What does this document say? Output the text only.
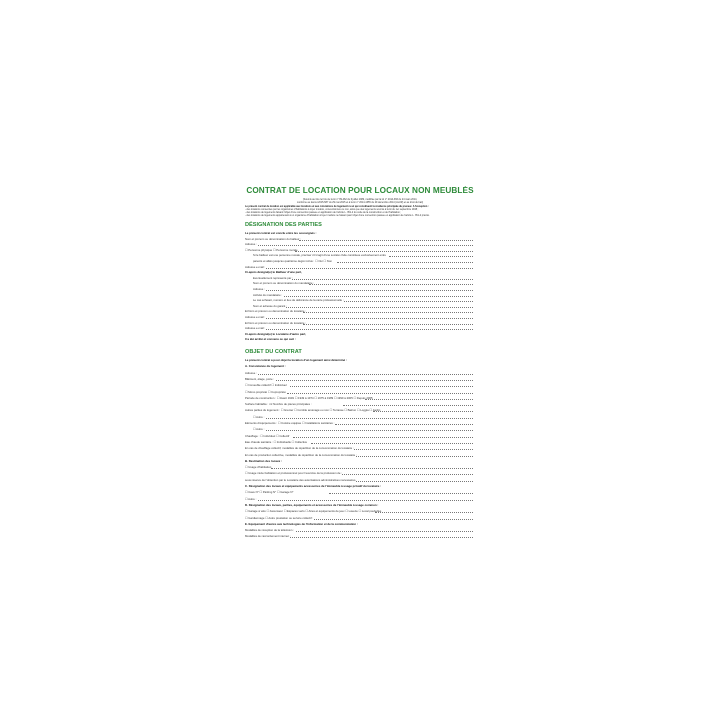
CONTRAT DE LOCATION POUR LOCAUX NON MEUBLÉS
(Soumis au titre Ier bis de la loi n° 89-462 du 6 juillet 1989, modifiée par la loi n° 2014-366 du 24 mars 2014,
conforme au décret 2015-587 du 29 mai 2015 et à la loi n° 2014-1655 du 29 décembre 2014 (ALUR) et au droit du bail)
Le présent contrat de location est applicable aux locations et aux colocations de logement nu et qui constituent la résidence principale du preneur. A l'exception :
- des locations consenties par les organismes d'habitations à loyer modéré, conventionnés ou non, ainsi que des logements soumis à la loi du 1er septembre 1948 ;
- des locations de logements faisant l'objet d'une convention passée en application de l'article L. 351-2 du code de la construction et de l'habitation ;
- des locations de logements appartenant à un organisme d'habitation à loyer modéré ne faisant pas l'objet d'une convention passée en application de l'article L. 351-2 précité.
DÉSIGNATION DES PARTIES
OBJET DU CONTRAT
Le présent contrat est conclu entre les soussignés :
Nom et prénom ou dénomination du bailleur :
Adresse :
☐ Personne physique ☐ Personne morale
Si le bailleur est une personne morale, préciser s'il s'agit d'une société civile constituée exclusivement entre
parents et alliés jusqu'au quatrième degré inclus : ☐ Oui ☐ Non
Adresse e-mail :
Ci-après désigné(e) le Bailleur d'une part,
Eventuellement représenté par :
Nom et prénom ou dénomination du mandataire :
Adresse :
Activité du mandataire :
Le cas échéant, numéro et lieu de délivrance de la carte professionnelle :
Nom et adresse du garant :
Et Nom et prénom ou dénomination du locataire :
Adresse e-mail :
Et Nom et prénom ou dénomination du locataire :
Adresse e-mail :
Ci-après désigné(e) le Locataire d'autre part,
Il a été arrêté et convenu ce qui suit :
Le présent contrat a pour objet la location d'un logement ainsi déterminé :
A. Consistance du logement :
Adresse :
Bâtiment, étage, porte :
☐ Immeuble collectif ☐ Individuel
☐ Mono propriété ☐ Copropriété
Période de construction : ☐ Avant 1949 ☐ 1949 à 1974 ☐ 1975 à 1989 ☐ 1990 à 2005 ☐ Depuis 2005
Surface habitable : m² Nombre de pièces principales :
Autres parties du logement : ☐ Grenier ☐ Comble aménagé ou non ☐ Terrasse ☐ Balcon ☐ Loggia ☐ Jardin
☐ Autre :
Eléments d'équipements : ☐ Cuisine équipée ☐ Installations sanitaires :
☐ Autre :
Chauffage : ☐ Individuel ☐ Collectif
Eau chaude sanitaire : ☐ Individuelle ☐ Collective
En cas de chauffage collectif, modalités de répartition de la consommation du locataire :
En cas de production collective, modalités de répartition de la consommation du locataire :
B. Destination des locaux :
☐ Usage d'habitation
☐ Usage mixte habitation et professionnel pour l'exercice de la profession de :
sous réserve de l'obtention par le Locataire des autorisations administratives nécessaires.
C. Désignation des locaux et équipements accessoires de l'immeuble à usage privatif du locataire :
☐ Cave N° ☐ Parking N° ☐ Garage N°
☐ Autre :
D. Désignation des locaux, parties, équipements et accessoires de l'immeuble à usage commun :
☐ Garage à vélo ☐ Ascenseur ☐ Espaces verts ☐ Aires et équipements de jeux ☐ Laverie ☐ Local poubelles
☐ Gardiennage ☐ Autre prestation ou service collectif :
E. Equipement d'accès aux technologies de l'information et de la communication :
Modalités de réception de la télévision :
Modalités de raccordement internet :
